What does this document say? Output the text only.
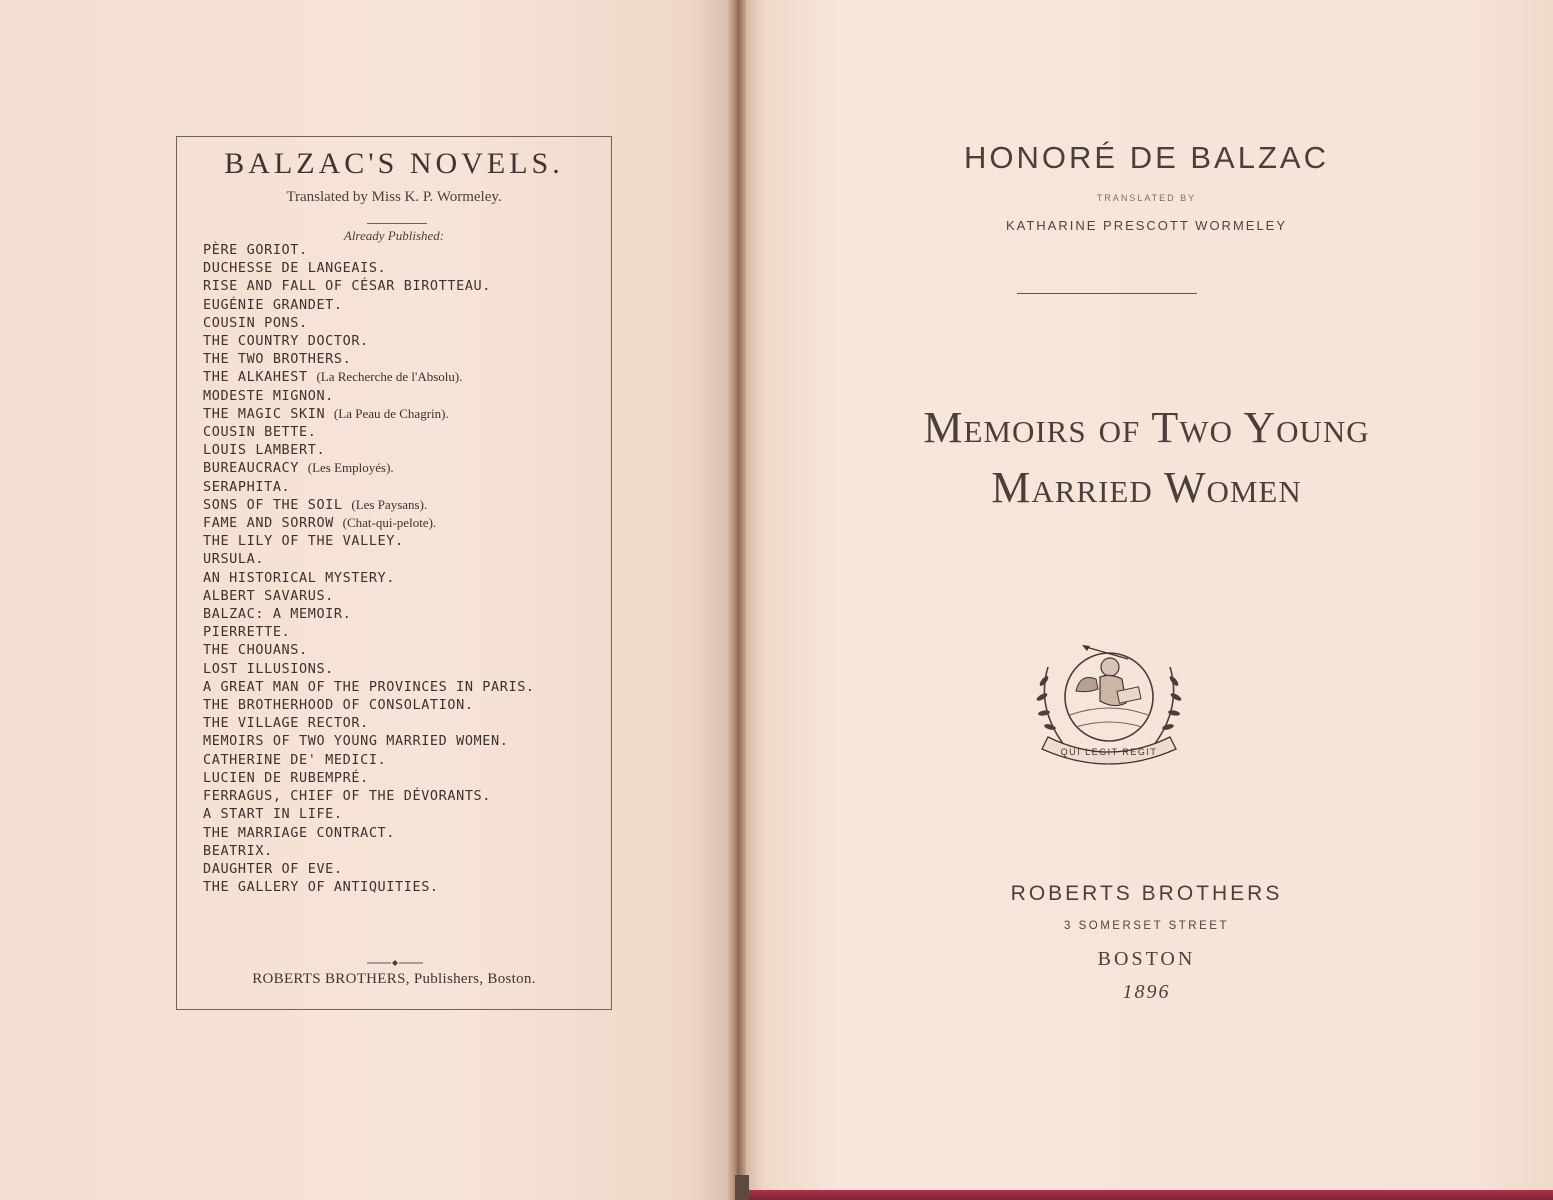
BALZAC'S NOVELS.
Translated by Miss K. P. Wormeley.
Already Published:
PÈRE GORIOT.
DUCHESSE DE LANGEAIS.
RISE AND FALL OF CÉSAR BIROTTEAU.
EUGÉNIE GRANDET.
COUSIN PONS.
THE COUNTRY DOCTOR.
THE TWO BROTHERS.
THE ALKAHEST (La Recherche de l'Absolu).
MODESTE MIGNON.
THE MAGIC SKIN (La Peau de Chagrin).
COUSIN BETTE.
LOUIS LAMBERT.
BUREAUCRACY (Les Employés).
SERAPHITA.
SONS OF THE SOIL (Les Paysans).
FAME AND SORROW (Chat-qui-pelote).
THE LILY OF THE VALLEY.
URSULA.
AN HISTORICAL MYSTERY.
ALBERT SAVARUS.
BALZAC: A MEMOIR.
PIERRETTE.
THE CHOUANS.
LOST ILLUSIONS.
A GREAT MAN OF THE PROVINCES IN PARIS.
THE BROTHERHOOD OF CONSOLATION.
THE VILLAGE RECTOR.
MEMOIRS OF TWO YOUNG MARRIED WOMEN.
CATHERINE DE' MEDICI.
LUCIEN DE RUBEMPRÉ.
FERRAGUS, CHIEF OF THE DÉVORANTS.
A START IN LIFE.
THE MARRIAGE CONTRACT.
BEATRIX.
DAUGHTER OF EVE.
THE GALLERY OF ANTIQUITIES.
ROBERTS BROTHERS, Publishers, Boston.
HONORÉ DE BALZAC
TRANSLATED BY
KATHARINE PRESCOTT WORMELEY
Memoirs of Two Young
Married Women
QUI LEGIT REGIT
ROBERTS BROTHERS
3 SOMERSET STREET
BOSTON
1896
